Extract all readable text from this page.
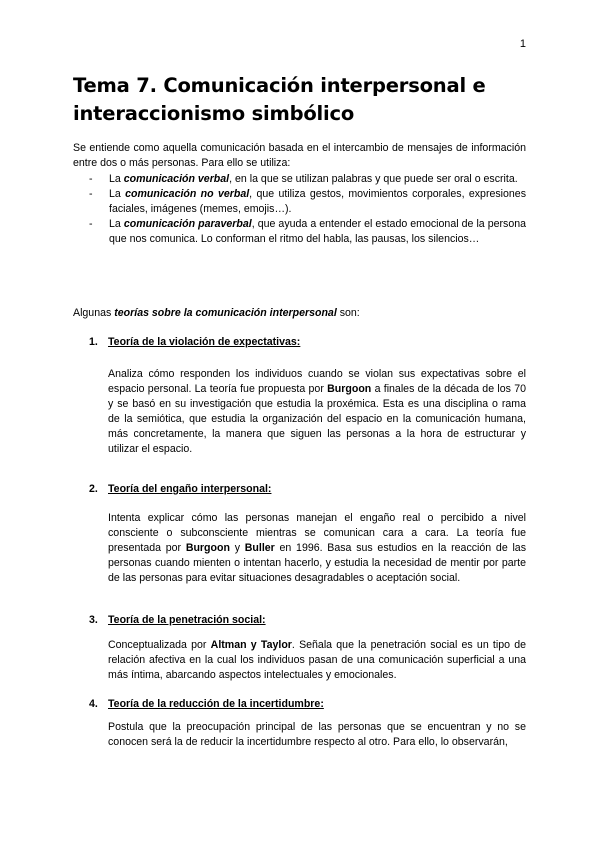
1
Tema 7. Comunicación interpersonal e interaccionismo simbólico

Se entiende como aquella comunicación basada en el intercambio de mensajes de información entre dos o más personas. Para ello se utiliza:

- La comunicación verbal, en la que se utilizan palabras y que puede ser oral o escrita.
- La comunicación no verbal, que utiliza gestos, movimientos corporales, expresiones faciales, imágenes (memes, emojis…).
- La comunicación paraverbal, que ayuda a entender el estado emocional de la persona que nos comunica. Lo conforman el ritmo del habla, las pausas, los silencios…

Algunas teorías sobre la comunicación interpersonal son:

1. Teoría de la violación de expectativas:

Analiza cómo responden los individuos cuando se violan sus expectativas sobre el espacio personal. La teoría fue propuesta por Burgoon a finales de la década de los 70 y se basó en su investigación que estudia la proxémica. Esta es una disciplina o rama de la semiótica, que estudia la organización del espacio en la comunicación humana, más concretamente, la manera que siguen las personas a la hora de estructurar y utilizar el espacio.

2. Teoría del engaño interpersonal:

Intenta explicar cómo las personas manejan el engaño real o percibido a nivel consciente o subconsciente mientras se comunican cara a cara. La teoría fue presentada por Burgoon y Buller en 1996. Basa sus estudios en la reacción de las personas cuando mienten o intentan hacerlo, y estudia la necesidad de mentir por parte de las personas para evitar situaciones desagradables o aceptación social.

3. Teoría de la penetración social:

Conceptualizada por Altman y Taylor. Señala que la penetración social es un tipo de relación afectiva en la cual los individuos pasan de una comunicación superficial a una más íntima, abarcando aspectos intelectuales y emocionales.

4. Teoría de la reducción de la incertidumbre:

Postula que la preocupación principal de las personas que se encuentran y no se conocen será la de reducir la incertidumbre respecto al otro. Para ello, lo observarán,
